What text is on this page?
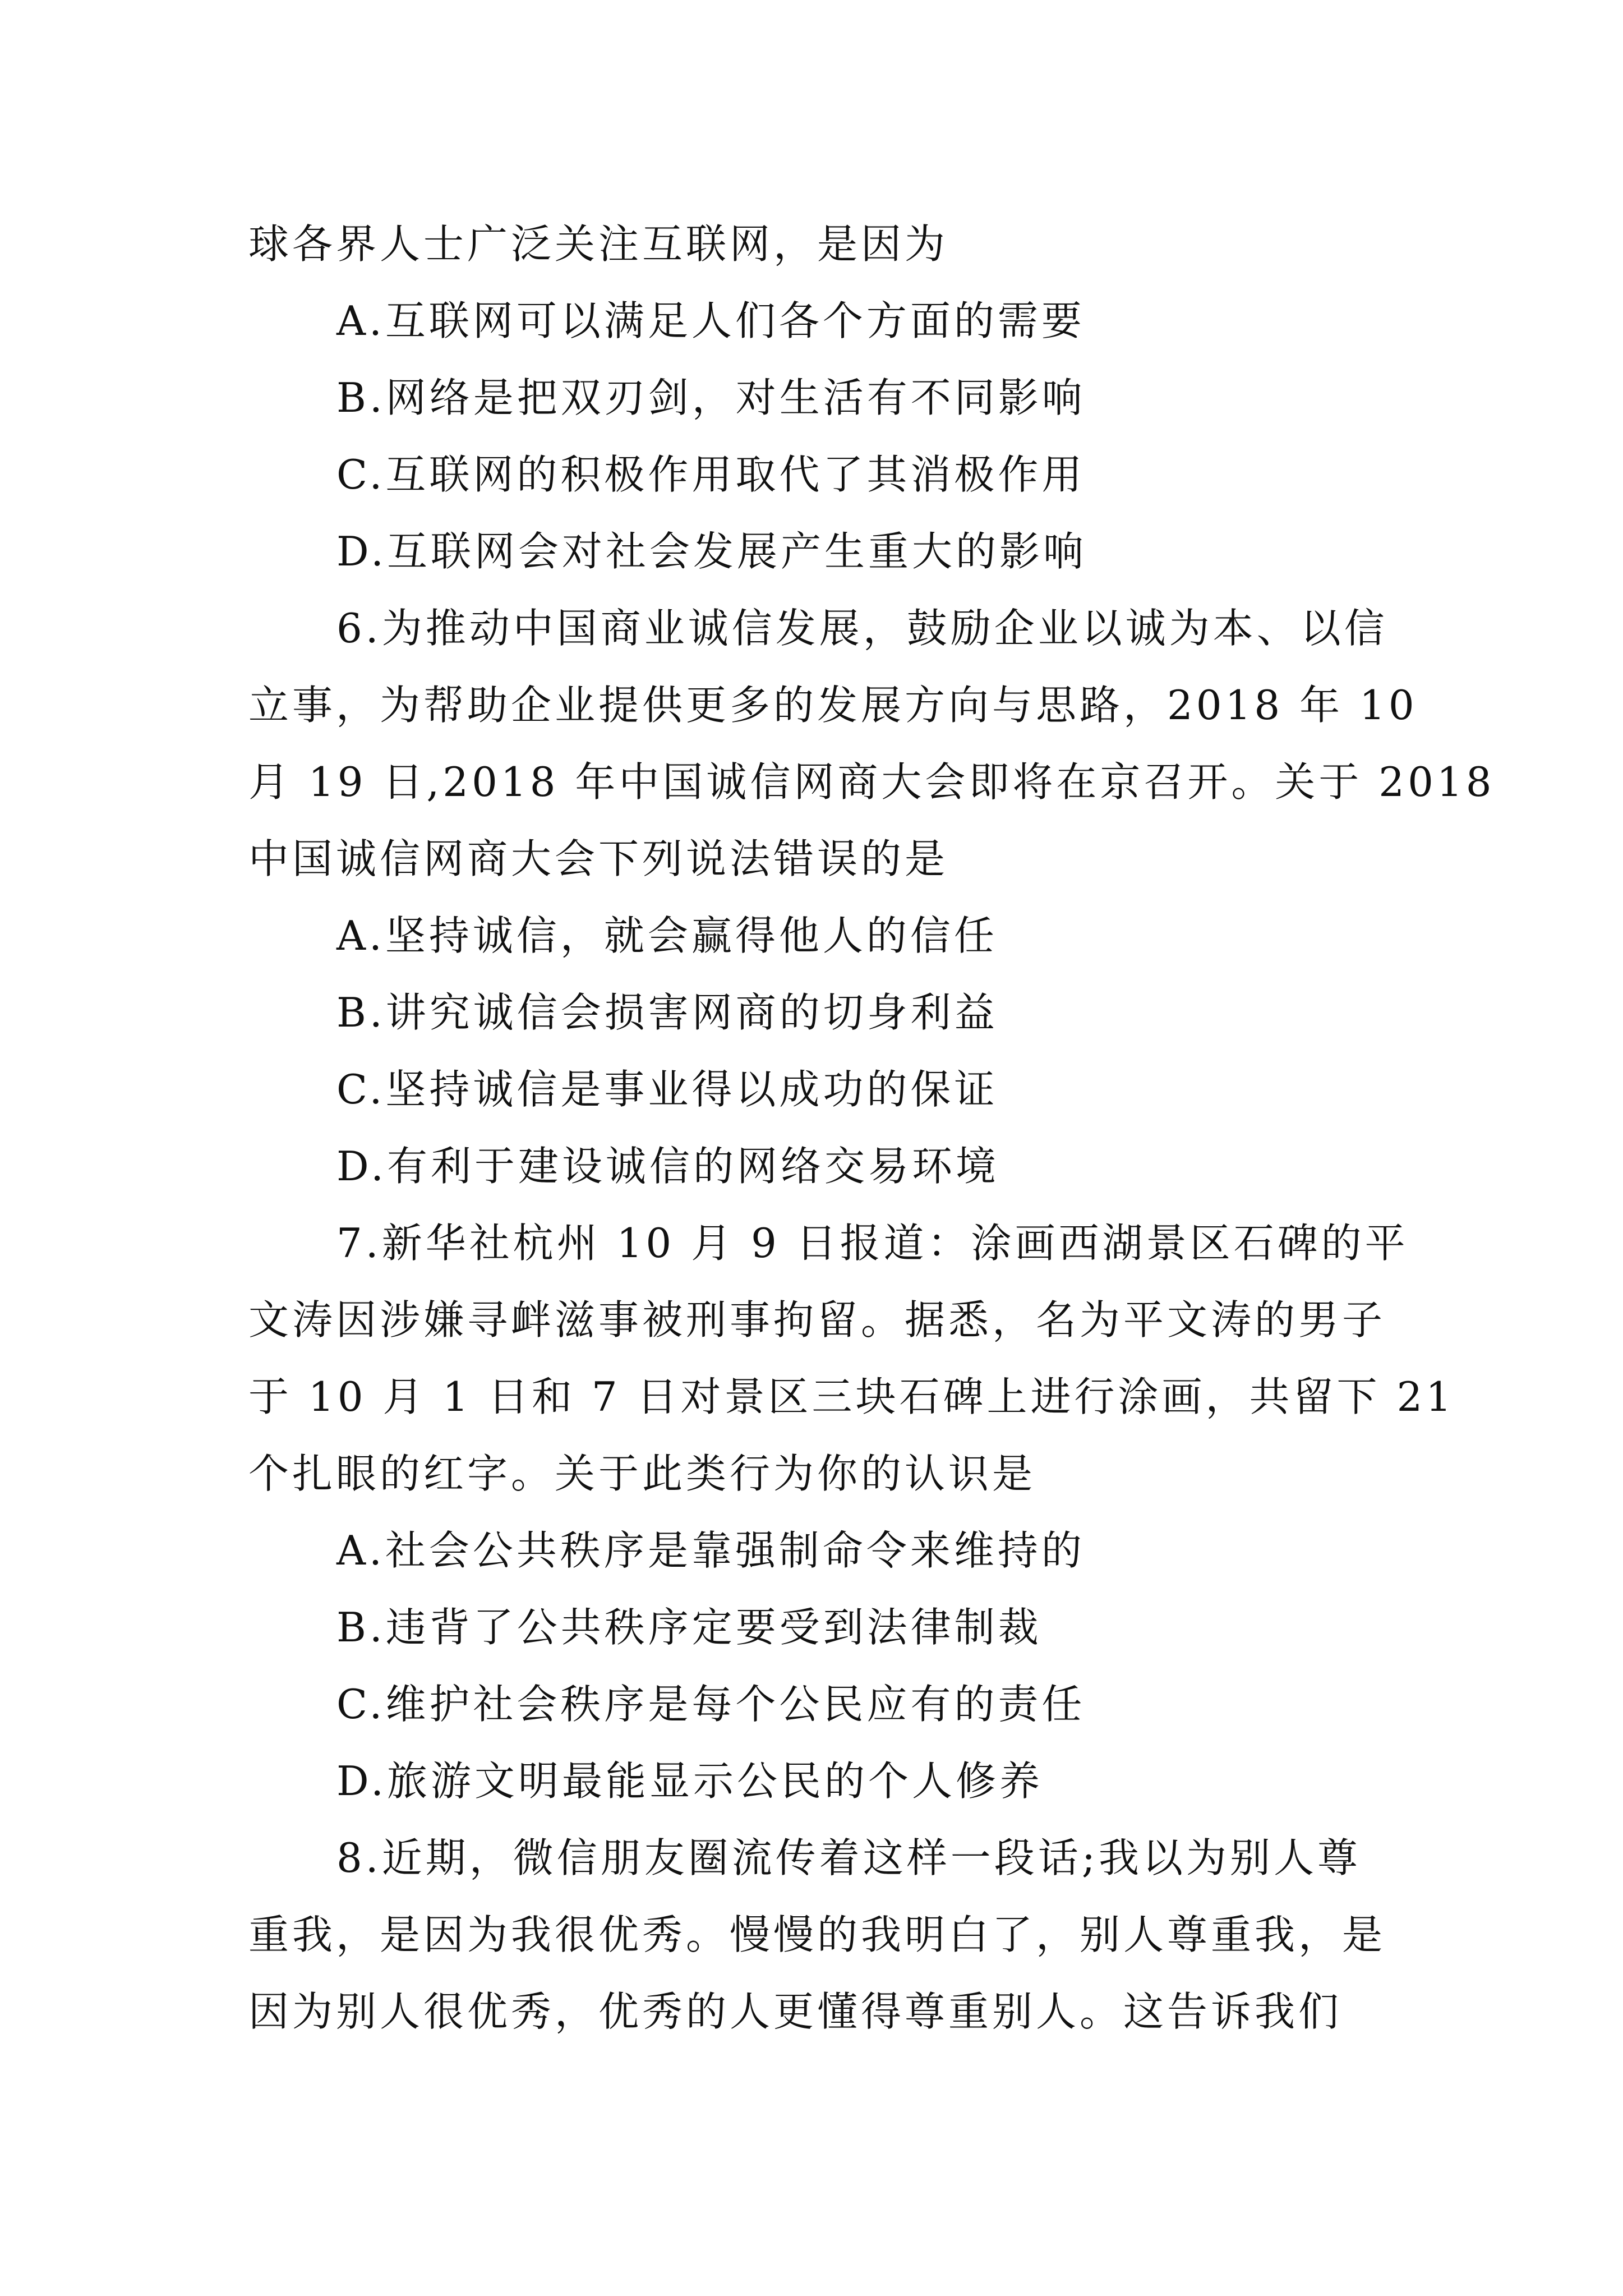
球各界人士广泛关注互联网，是因为
A.互联网可以满足人们各个方面的需要
B.网络是把双刃剑，对生活有不同影响
C.互联网的积极作用取代了其消极作用
D.互联网会对社会发展产生重大的影响
6.为推动中国商业诚信发展，鼓励企业以诚为本、以信
立事，为帮助企业提供更多的发展方向与思路，2018 年 10
月 19 日,2018 年中国诚信网商大会即将在京召开。关于 2018
中国诚信网商大会下列说法错误的是
A.坚持诚信，就会赢得他人的信任
B.讲究诚信会损害网商的切身利益
C.坚持诚信是事业得以成功的保证
D.有利于建设诚信的网络交易环境
7.新华社杭州 10 月 9 日报道：涂画西湖景区石碑的平
文涛因涉嫌寻衅滋事被刑事拘留。据悉，名为平文涛的男子
于 10 月 1 日和 7 日对景区三块石碑上进行涂画，共留下 21
个扎眼的红字。关于此类行为你的认识是
A.社会公共秩序是靠强制命令来维持的
B.违背了公共秩序定要受到法律制裁
C.维护社会秩序是每个公民应有的责任
D.旅游文明最能显示公民的个人修养
8.近期，微信朋友圈流传着这样一段话;我以为别人尊
重我，是因为我很优秀。慢慢的我明白了，别人尊重我，是
因为别人很优秀，优秀的人更懂得尊重别人。这告诉我们
